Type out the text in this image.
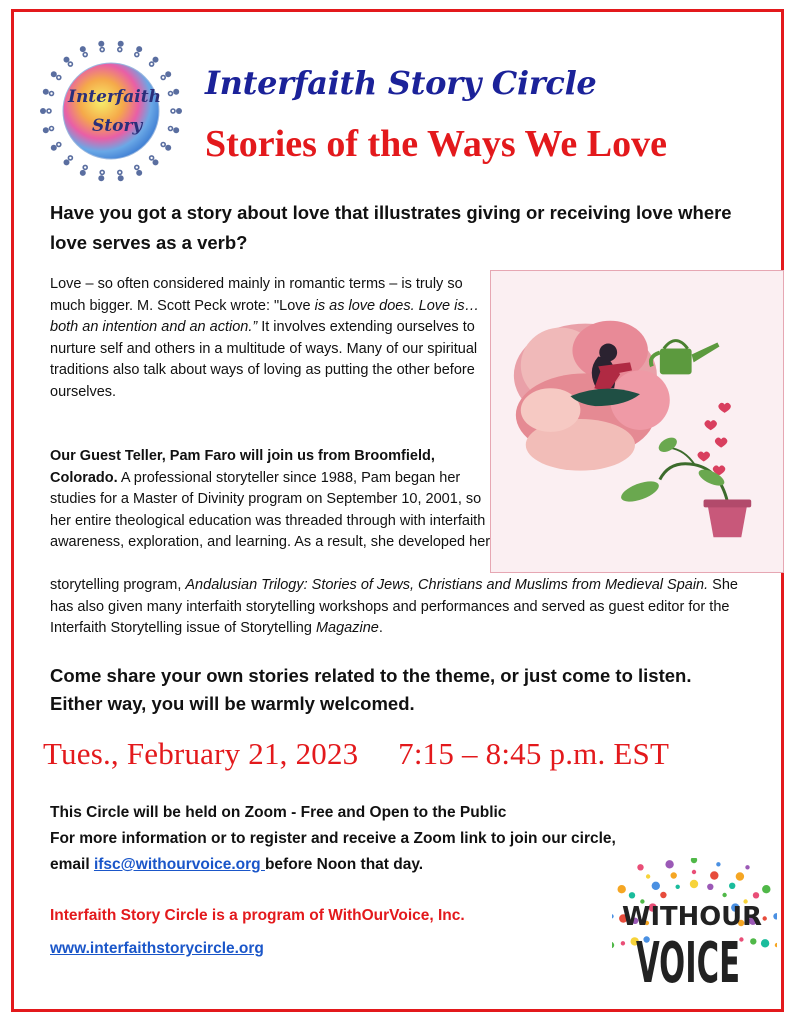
Interfaith
Story
Interfaith Story Circle
Stories of the Ways We Love

Have you got a story about love that illustrates giving or receiving love where love serves as a verb?

Love – so often considered mainly in romantic terms – is truly so much bigger. M. Scott Peck wrote: "Love is as love does. Love is…both an intention and an action.” It involves extending ourselves to nurture self and others in a multitude of ways. Many of our spiritual traditions also talk about ways of loving as putting the other before ourselves.

Our Guest Teller, Pam Faro will join us from Broomfield, Colorado. A professional storyteller since 1988, Pam began her studies for a Master of Divinity program on September 10, 2001, so her entire theological education was threaded through with interfaith awareness, exploration, and learning. As a result, she developed her

storytelling program, Andalusian Trilogy: Stories of Jews, Christians and Muslims from Medieval Spain. She has also given many interfaith storytelling workshops and performances and served as guest editor for the Interfaith Storytelling issue of Storytelling Magazine.

Come share your own stories related to the theme, or just come to listen.
Either way, you will be warmly welcomed.

Tues., February 21, 2023 7:15 – 8:45 p.m. EST

This Circle will be held on Zoom - Free and Open to the Public
For more information or to register and receive a Zoom link to join our circle,
email ifsc@withourvoice.org before Noon that day.

Interfaith Story Circle is a program of WithOurVoice, Inc.

www.interfaithstorycircle.org
WITHOUR
VOICE
